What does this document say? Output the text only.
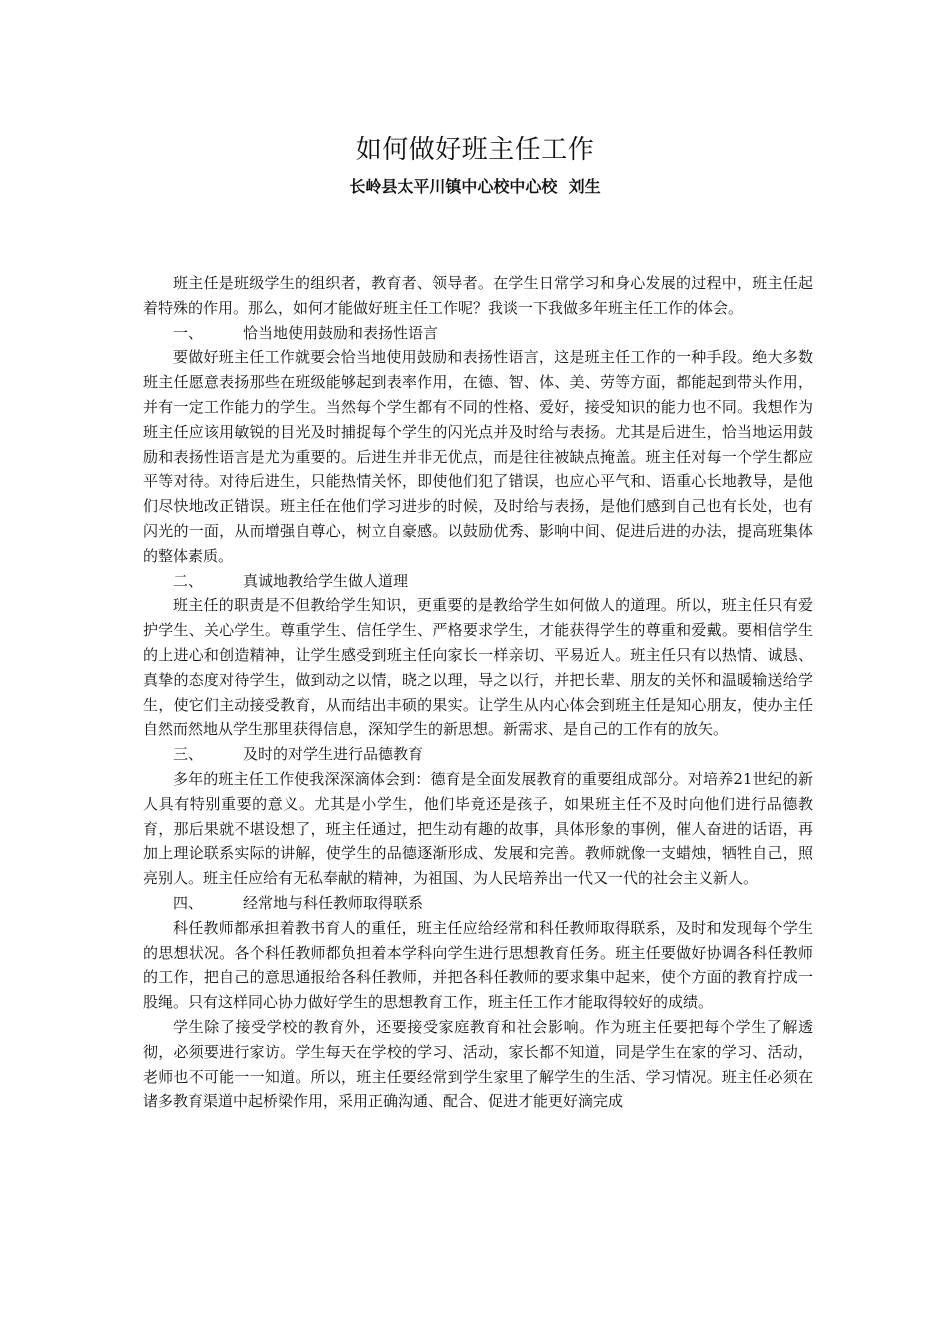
如何做好班主任工作
长岭县太平川镇中心校中心校  刘生

班主任是班级学生的组织者，教育者、领导者。在学生日常学习和身心发展的过程中，班主任起着特殊的作用。那么，如何才能做好班主任工作呢？我谈一下我做多年班主任工作的体会。

一、	恰当地使用鼓励和表扬性语言

要做好班主任工作就要会恰当地使用鼓励和表扬性语言，这是班主任工作的一种手段。绝大多数班主任愿意表扬那些在班级能够起到表率作用，在德、智、体、美、劳等方面，都能起到带头作用，并有一定工作能力的学生。当然每个学生都有不同的性格、爱好，接受知识的能力也不同。我想作为班主任应该用敏锐的目光及时捕捉每个学生的闪光点并及时给与表扬。尤其是后进生，恰当地运用鼓励和表扬性语言是尤为重要的。后进生并非无优点，而是往往被缺点掩盖。班主任对每一个学生都应平等对待。对待后进生，只能热情关怀，即使他们犯了错误，也应心平气和、语重心长地教导，是他们尽快地改正错误。班主任在他们学习进步的时候，及时给与表扬，是他们感到自己也有长处，也有闪光的一面，从而增强自尊心，树立自豪感。以鼓励优秀、影响中间、促进后进的办法，提高班集体的整体素质。

二、	真诚地教给学生做人道理

班主任的职责是不但教给学生知识，更重要的是教给学生如何做人的道理。所以，班主任只有爱护学生、关心学生。尊重学生、信任学生、严格要求学生，才能获得学生的尊重和爱戴。要相信学生的上进心和创造精神，让学生感受到班主任向家长一样亲切、平易近人。班主任只有以热情、诚恳、真挚的态度对待学生，做到动之以情，晓之以理，导之以行，并把长辈、朋友的关怀和温暖输送给学生，使它们主动接受教育，从而结出丰硕的果实。让学生从内心体会到班主任是知心朋友，使办主任自然而然地从学生那里获得信息，深知学生的新思想。新需求、是自己的工作有的放矢。

三、	及时的对学生进行品德教育

多年的班主任工作使我深深滴体会到：德育是全面发展教育的重要组成部分。对培养21世纪的新人具有特别重要的意义。尤其是小学生，他们毕竟还是孩子，如果班主任不及时向他们进行品德教育，那后果就不堪设想了，班主任通过，把生动有趣的故事，具体形象的事例，催人奋进的话语，再加上理论联系实际的讲解，使学生的品德逐渐形成、发展和完善。教师就像一支蜡烛，牺牲自己，照亮别人。班主任应给有无私奉献的精神，为祖国、为人民培养出一代又一代的社会主义新人。

四、	经常地与科任教师取得联系

科任教师都承担着教书育人的重任，班主任应给经常和科任教师取得联系，及时和发现每个学生的思想状况。各个科任教师都负担着本学科向学生进行思想教育任务。班主任要做好协调各科任教师的工作，把自己的意思通报给各科任教师，并把各科任教师的要求集中起来，使个方面的教育拧成一股绳。只有这样同心协力做好学生的思想教育工作，班主任工作才能取得较好的成绩。

学生除了接受学校的教育外，还要接受家庭教育和社会影响。作为班主任要把每个学生了解透彻，必须要进行家访。学生每天在学校的学习、活动，家长都不知道，同是学生在家的学习、活动，老师也不可能一一知道。所以，班主任要经常到学生家里了解学生的生活、学习情况。班主任必须在诸多教育渠道中起桥梁作用，采用正确沟通、配合、促进才能更好滴完成
